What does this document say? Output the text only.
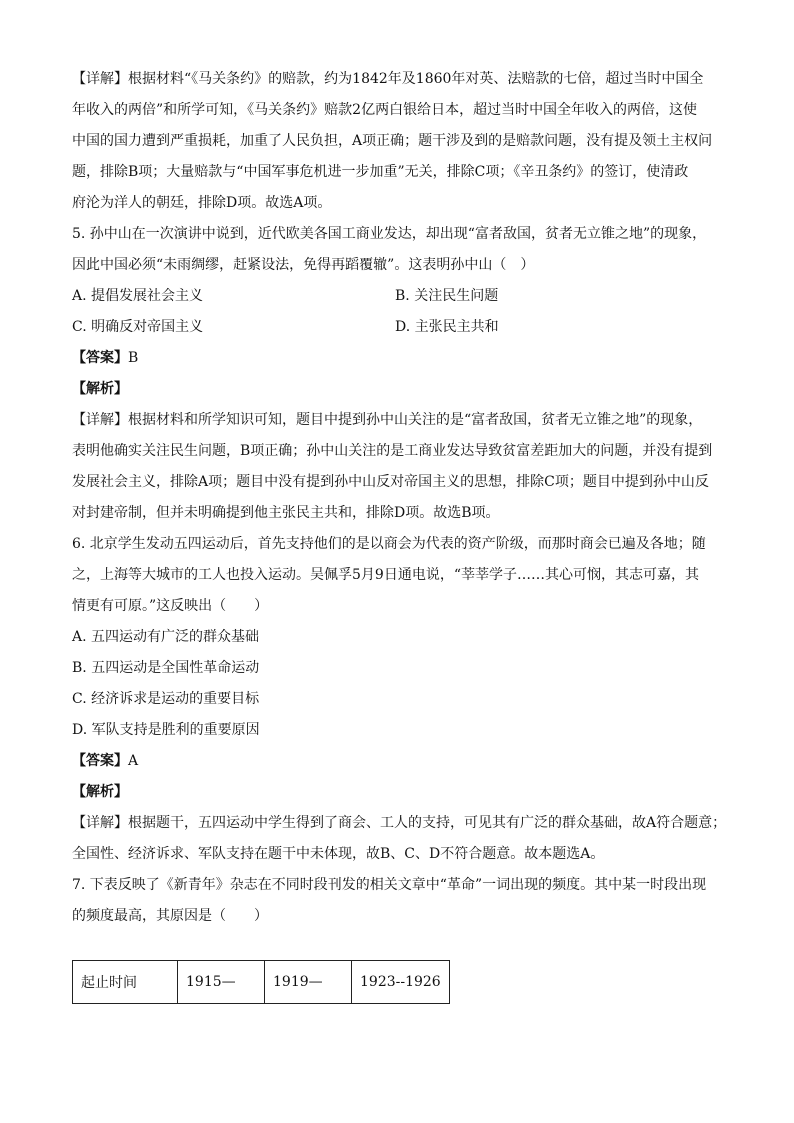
【详解】根据材料“《马关条约》的赔款，约为1842年及1860年对英、法赔款的七倍，超过当时中国全

年收入的两倍”和所学可知，《马关条约》赔款2亿两白银给日本，超过当时中国全年收入的两倍，这使

中国的国力遭到严重损耗，加重了人民负担，A项正确；题干涉及到的是赔款问题，没有提及领土主权问

题，排除B项；大量赔款与“中国军事危机进一步加重”无关，排除C项；《辛丑条约》的签订，使清政

府沦为洋人的朝廷，排除D项。故选A项。

5. 孙中山在一次演讲中说到，近代欧美各国工商业发达，却出现“富者敌国，贫者无立锥之地”的现象，

因此中国必须“未雨绸缪，赶紧设法，免得再蹈覆辙”。这表明孙中山（　）

A. 提倡发展社会主义	B. 关注民生问题
C. 明确反对帝国主义	D. 主张民主共和

【答案】B

【解析】

【详解】根据材料和所学知识可知，题目中提到孙中山关注的是“富者敌国，贫者无立锥之地”的现象，

表明他确实关注民生问题，B项正确；孙中山关注的是工商业发达导致贫富差距加大的问题，并没有提到

发展社会主义，排除A项；题目中没有提到孙中山反对帝国主义的思想，排除C项；题目中提到孙中山反

对封建帝制，但并未明确提到他主张民主共和，排除D项。故选B项。

6. 北京学生发动五四运动后，首先支持他们的是以商会为代表的资产阶级，而那时商会已遍及各地；随

之，上海等大城市的工人也投入运动。吴佩孚5月9日通电说，“莘莘学子……其心可悯，其志可嘉，其

情更有可原。”这反映出（　　）

A. 五四运动有广泛的群众基础

B. 五四运动是全国性革命运动

C. 经济诉求是运动的重要目标

D. 军队支持是胜利的重要原因

【答案】A

【解析】

【详解】根据题干，五四运动中学生得到了商会、工人的支持，可见其有广泛的群众基础，故A符合题意；

全国性、经济诉求、军队支持在题干中未体现，故B、C、D不符合题意。故本题选A。

7. 下表反映了《新青年》杂志在不同时段刊发的相关文章中“革命”一词出现的频度。其中某一时段出现

的频度最高，其原因是（　　）

起止时间	1915—	1919—	1923--1926
